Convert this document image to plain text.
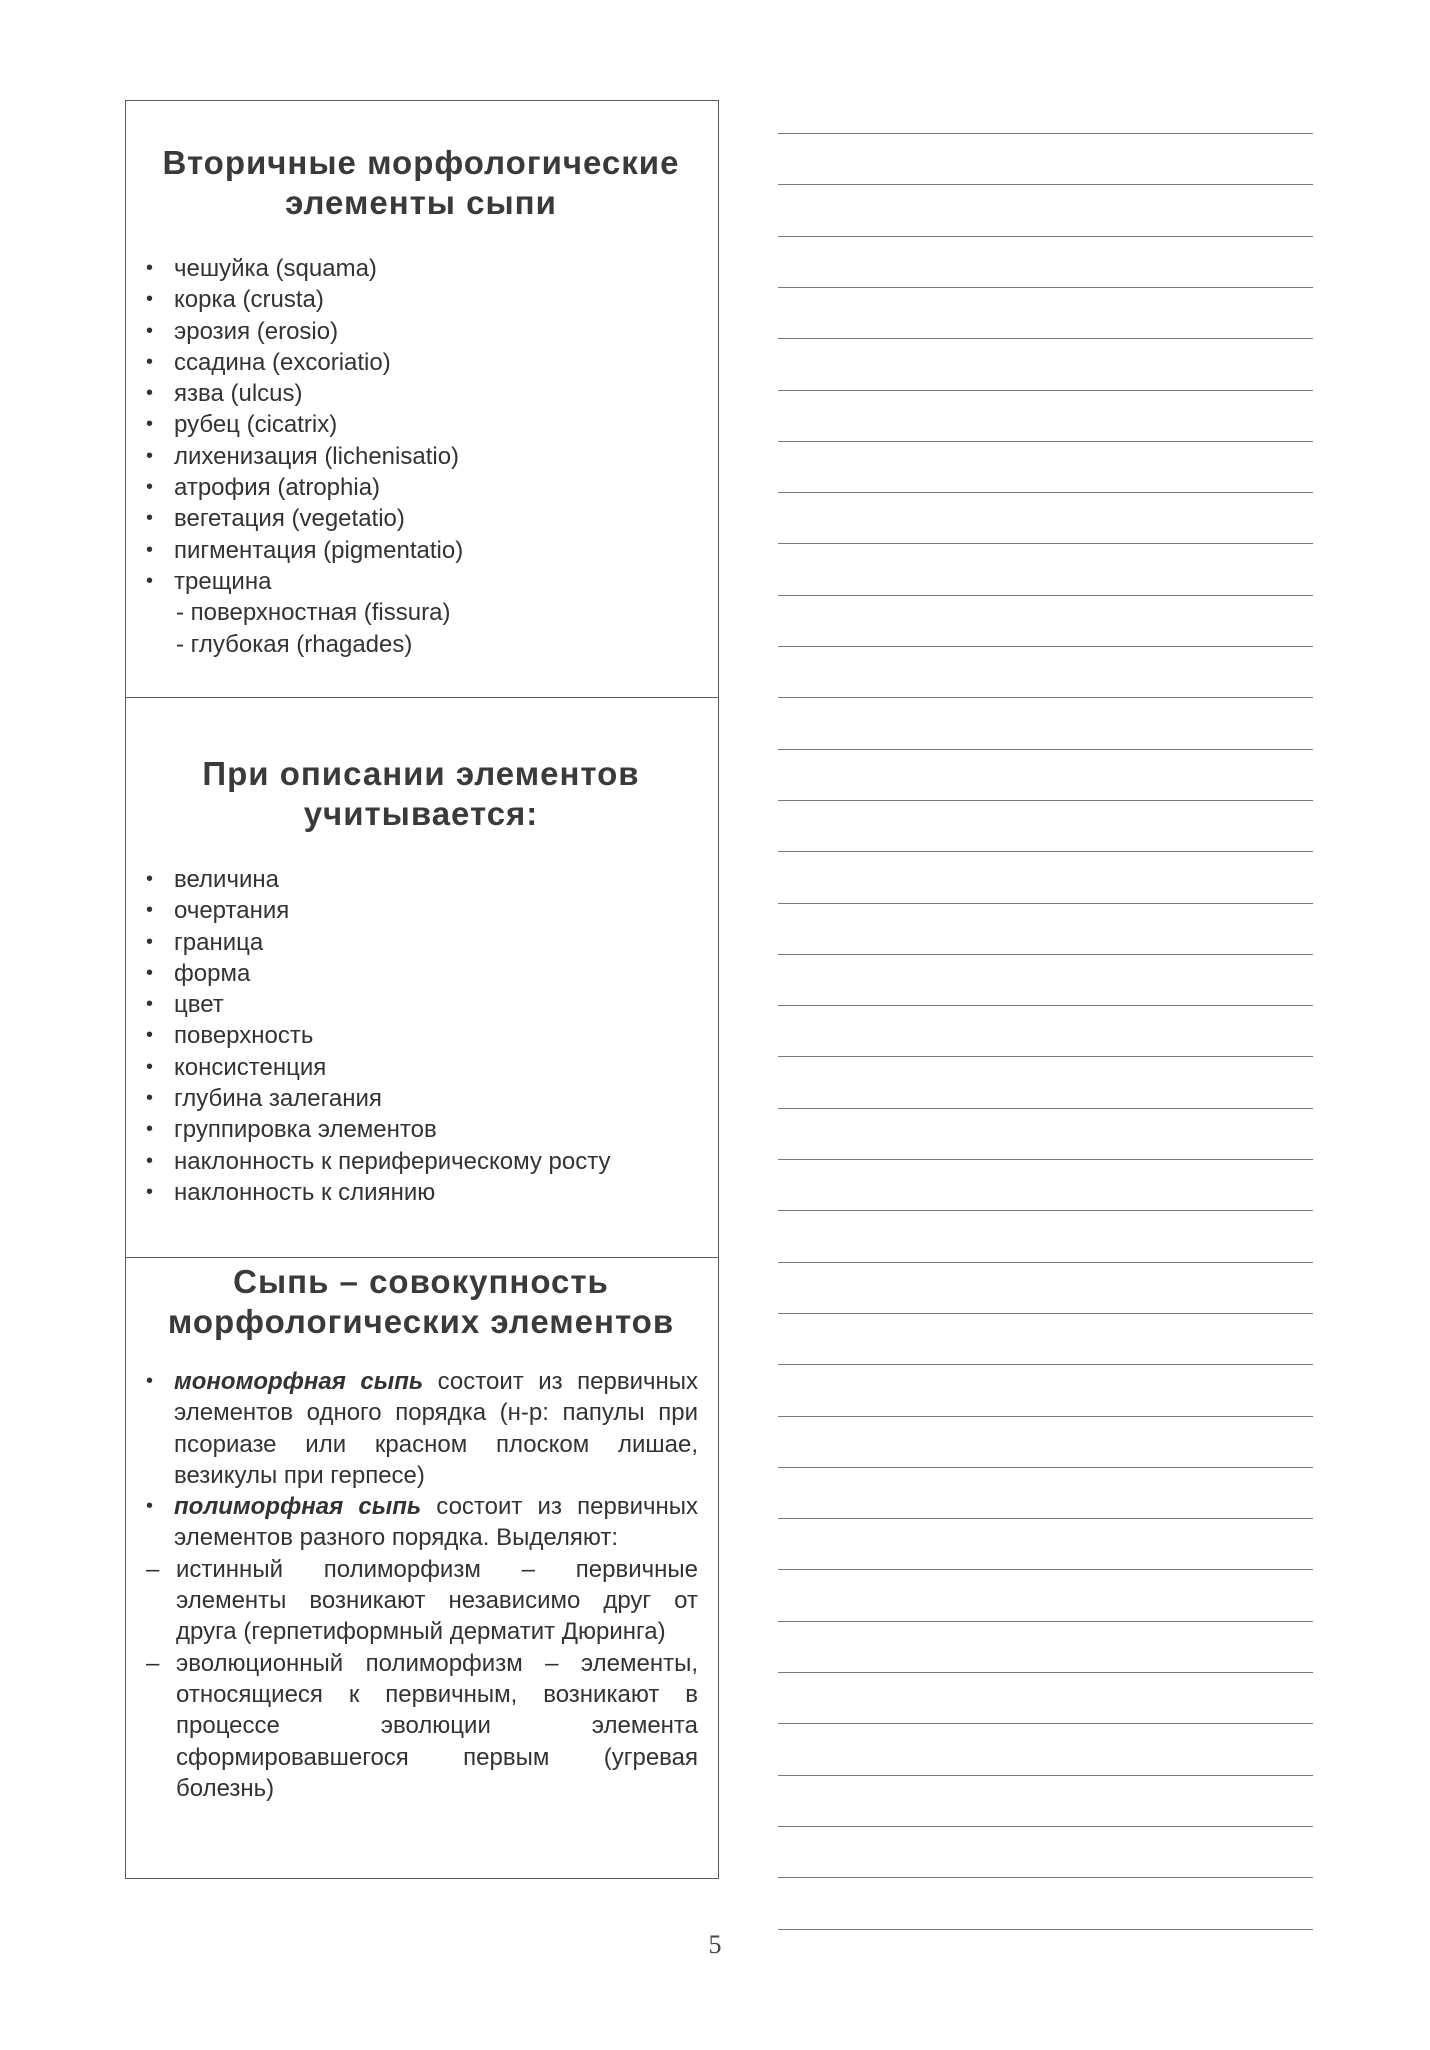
Вторичные морфологические
элементы сыпи
• чешуйка (squama)
• корка (crusta)
• эрозия (erosio)
• ссадина (excoriatio)
• язва (ulcus)
• рубец (cicatrix)
• лихенизация (lichenisatio)
• атрофия (atrophia)
• вегетация (vegetatio)
• пигментация (pigmentatio)
• трещина
- поверхностная (fissura)
- глубокая (rhagades)
При описании элементов
учитывается:
• величина
• очертания
• граница
• форма
• цвет
• поверхность
• консистенция
• глубина залегания
• группировка элементов
• наклонность к периферическому росту
• наклонность к слиянию
Сыпь – совокупность
морфологических элементов
• мономорфная сыпь состоит из первичных элементов одного порядка (н-р: папулы при псориазе или красном плоском лишае, везикулы при герпесе)
• полиморфная сыпь состоит из первичных элементов разного порядка. Выделяют:
– истинный полиморфизм – первичные элементы возникают независимо друг от друга (герпетиформный дерматит Дюринга)
– эволюционный полиморфизм – элементы, относящиеся к первичным, возникают в процессе эволюции элемента сформировавшегося первым (угревая болезнь)
5
